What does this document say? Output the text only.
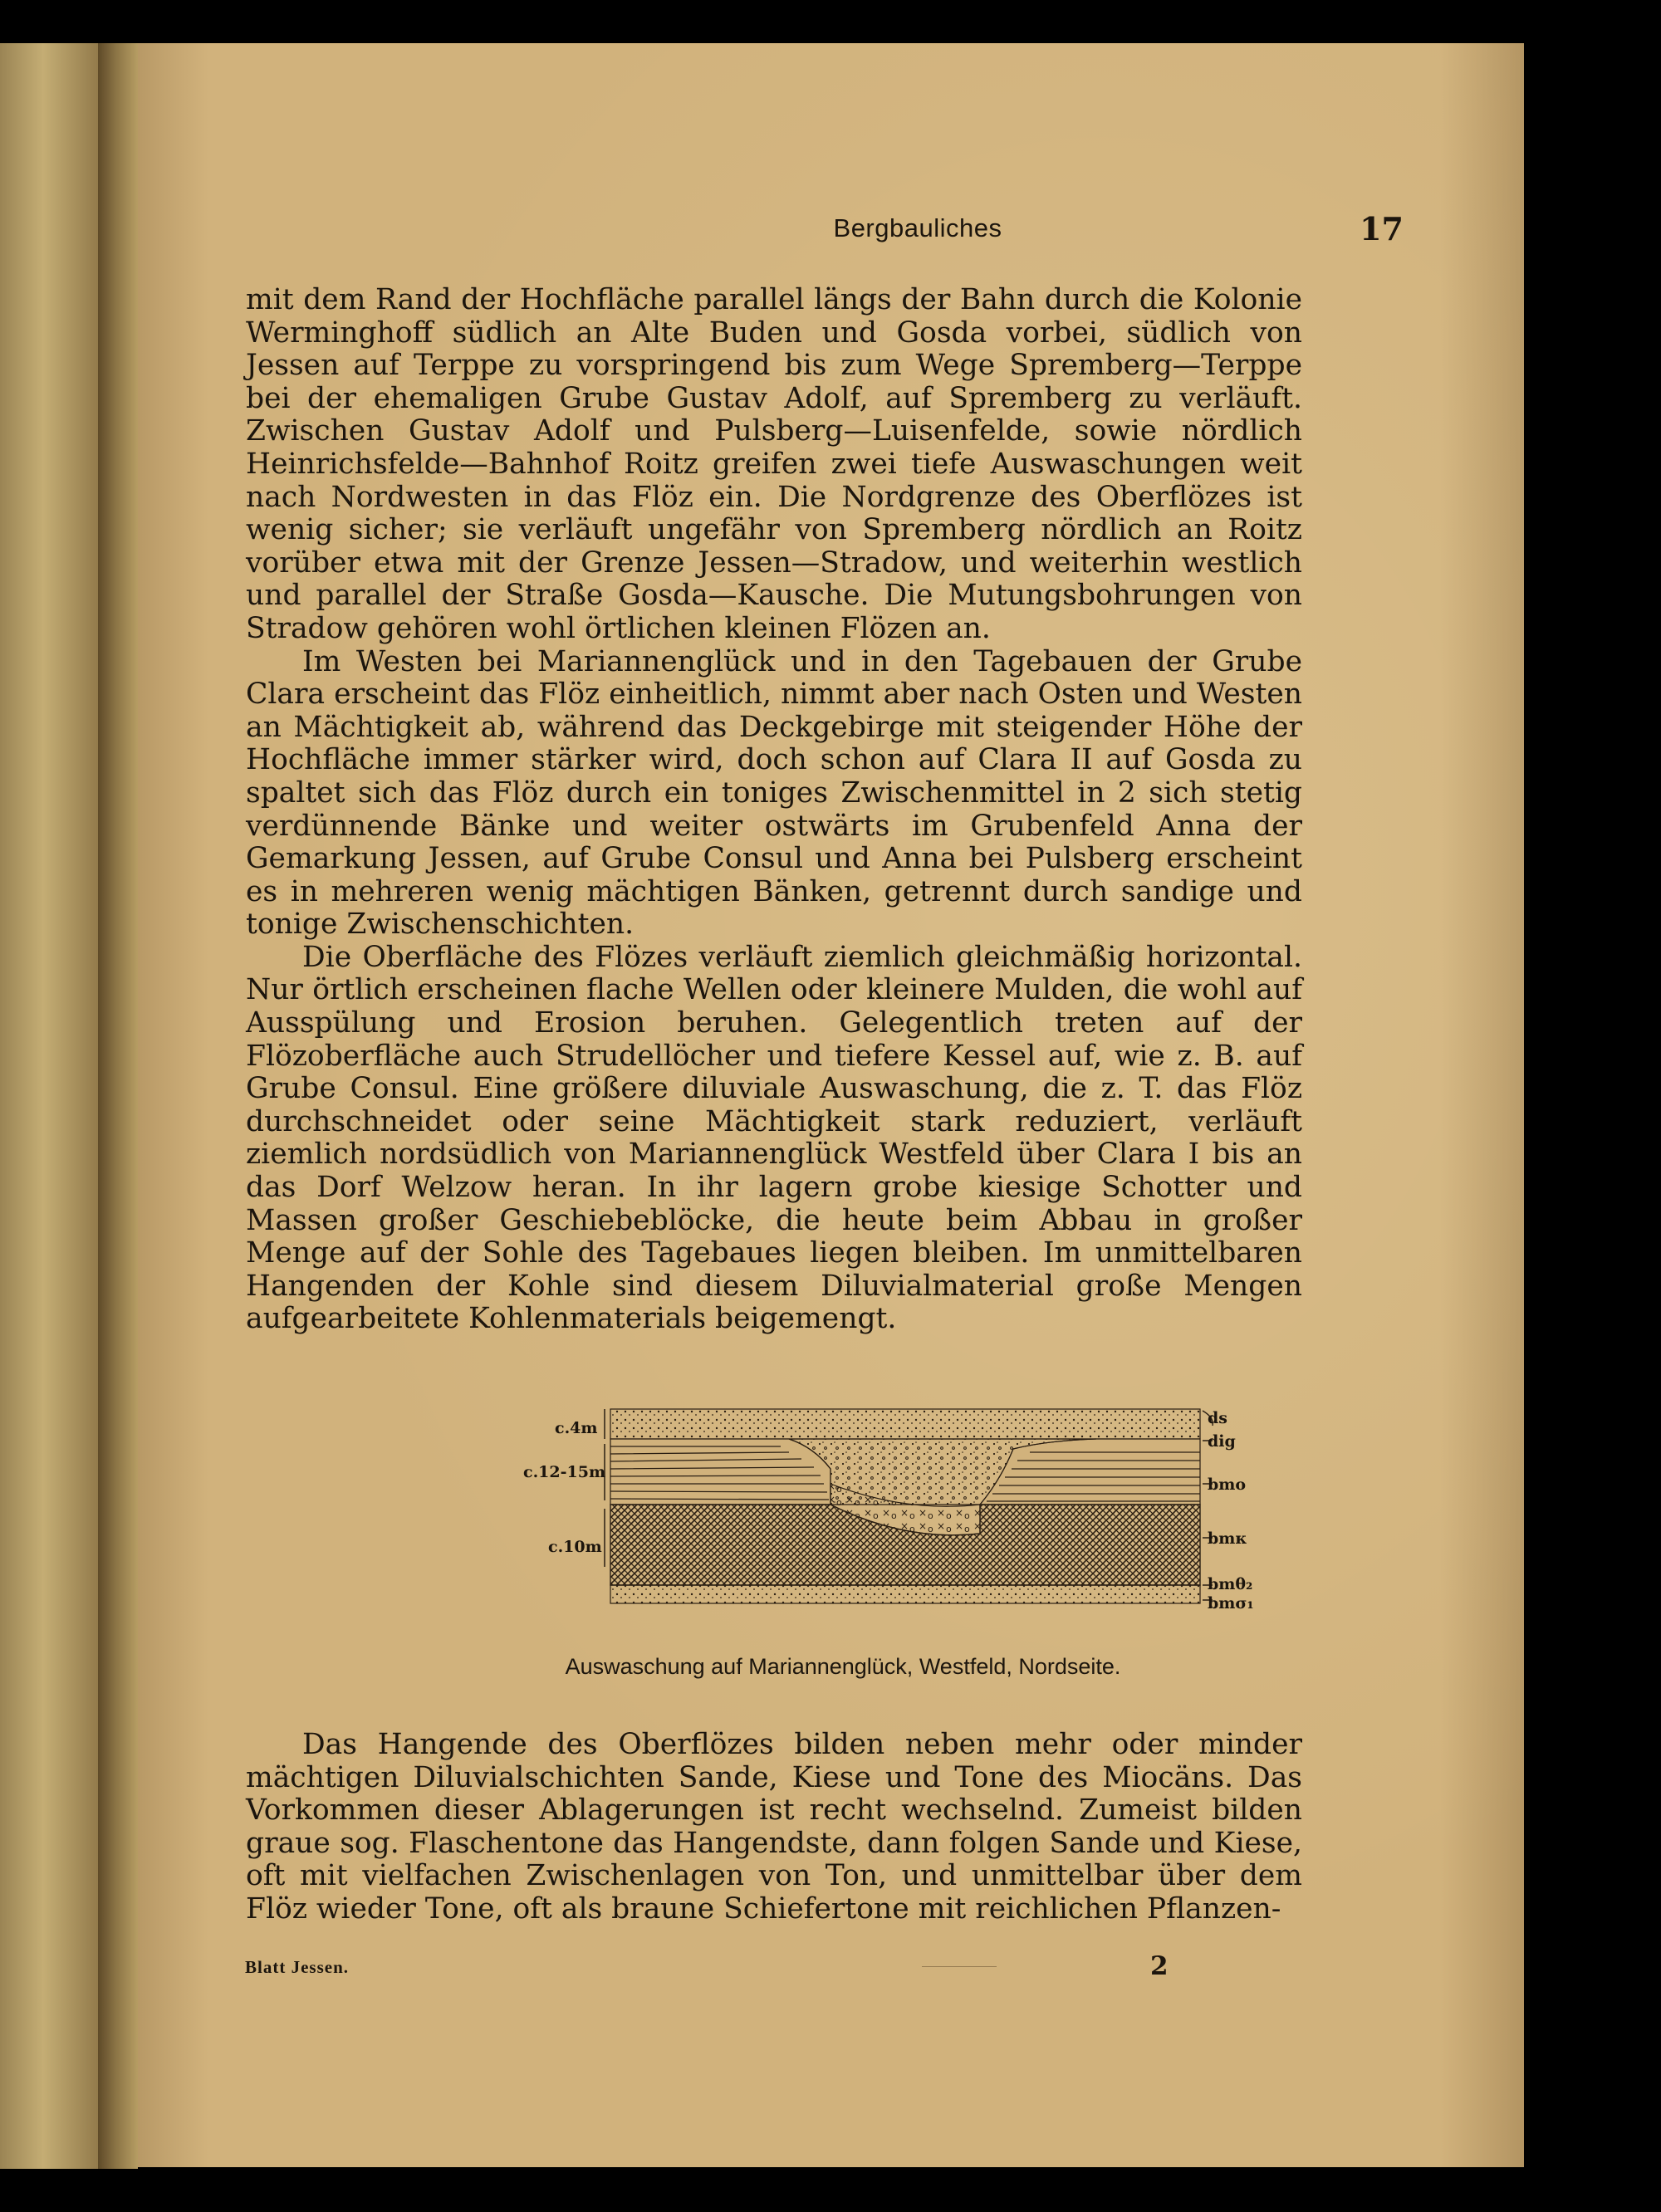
Bergbauliches	17

mit dem Rand der Hochfläche parallel längs der Bahn durch die Kolonie Werminghoff südlich an Alte Buden und Gosda vorbei, südlich von Jessen auf Terppe zu vorspringend bis zum Wege Spremberg—Terppe bei der ehemaligen Grube Gustav Adolf, auf Spremberg zu verläuft. Zwischen Gustav Adolf und Pulsberg—Luisenfelde, sowie nördlich Heinrichsfelde—Bahnhof Roitz greifen zwei tiefe Auswaschungen weit nach Nordwesten in das Flöz ein. Die Nordgrenze des Oberflözes ist wenig sicher; sie verläuft ungefähr von Spremberg nördlich an Roitz vorüber etwa mit der Grenze Jessen—Stradow, und weiterhin westlich und parallel der Straße Gosda—Kausche. Die Mutungsbohrungen von Stradow gehören wohl örtlichen kleinen Flözen an.

Im Westen bei Mariannenglück und in den Tagebauen der Grube Clara erscheint das Flöz einheitlich, nimmt aber nach Osten und Westen an Mächtigkeit ab, während das Deckgebirge mit steigender Höhe der Hochfläche immer stärker wird, doch schon auf Clara II auf Gosda zu spaltet sich das Flöz durch ein toniges Zwischenmittel in 2 sich stetig verdünnende Bänke und weiter ostwärts im Grubenfeld Anna der Gemarkung Jessen, auf Grube Consul und Anna bei Pulsberg erscheint es in mehreren wenig mächtigen Bänken, getrennt durch sandige und tonige Zwischenschichten.

Die Oberfläche des Flözes verläuft ziemlich gleichmäßig horizontal. Nur örtlich erscheinen flache Wellen oder kleinere Mulden, die wohl auf Ausspülung und Erosion beruhen. Gelegentlich treten auf der Flözoberfläche auch Strudellöcher und tiefere Kessel auf, wie z. B. auf Grube Consul. Eine größere diluviale Auswaschung, die z. T. das Flöz durchschneidet oder seine Mächtigkeit stark reduziert, verläuft ziemlich nordsüdlich von Mariannenglück Westfeld über Clara I bis an das Dorf Welzow heran. In ihr lagern grobe kiesige Schotter und Massen großer Geschiebeblöcke, die heute beim Abbau in großer Menge auf der Sohle des Tagebaues liegen bleiben. Im unmittelbaren Hangenden der Kohle sind diesem Diluvialmaterial große Mengen aufgearbeitete Kohlenmaterials beigemengt.

c.4m
c.12-15m
c.10m
ds
dig
bmo
bmκ
bmθ₂
bmσ₁
Auswaschung auf Mariannenglück, Westfeld, Nordseite.

Das Hangende des Oberflözes bilden neben mehr oder minder mächtigen Diluvialschichten Sande, Kiese und Tone des Miocäns. Das Vorkommen dieser Ablagerungen ist recht wechselnd. Zumeist bilden graue sog. Flaschentone das Hangendste, dann folgen Sande und Kiese, oft mit vielfachen Zwischenlagen von Ton, und unmittelbar über dem Flöz wieder Tone, oft als braune Schiefertone mit reichlichen Pflanzen-

Blatt Jessen.	2
